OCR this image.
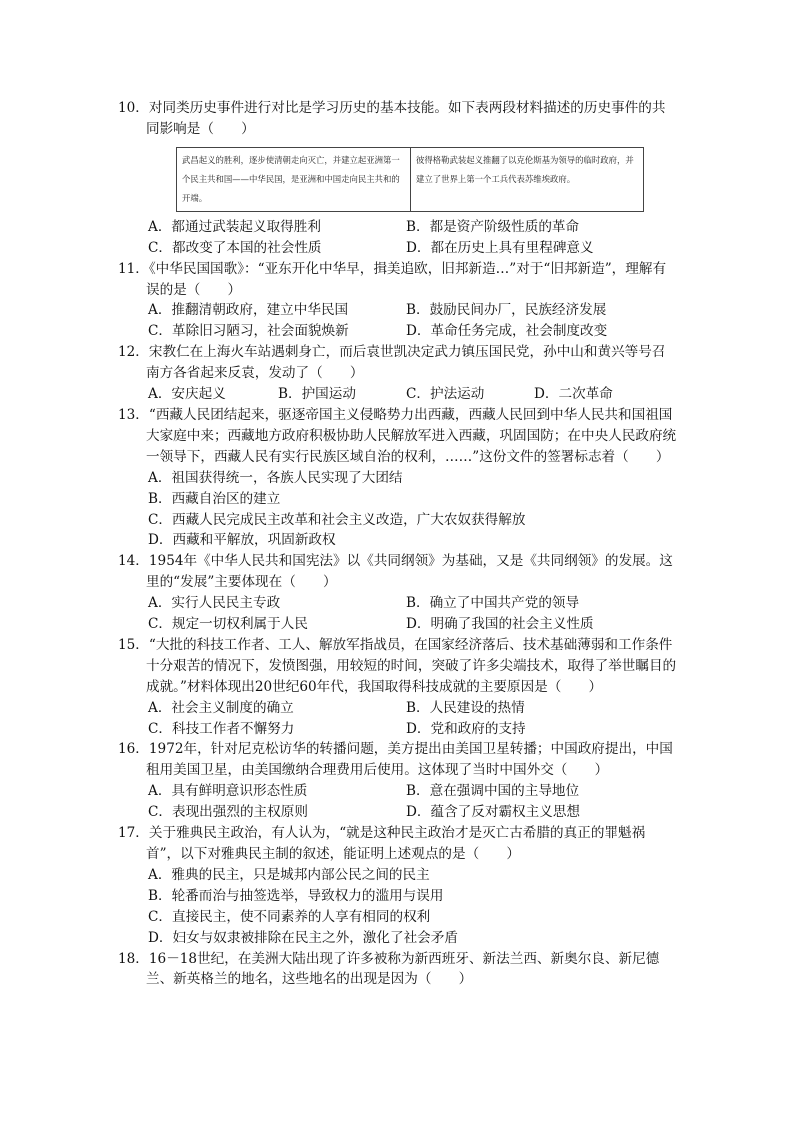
10．对同类历史事件进行对比是学习历史的基本技能。如下表两段材料描述的历史事件的共同影响是（　　）
武昌起义的胜利，逐步使清朝走向灭亡，并建立起亚洲第一个民主共和国——中华民国，是亚洲和中国走向民主共和的开端。
彼得格勒武装起义推翻了以克伦斯基为领导的临时政府，并建立了世界上第一个工兵代表苏维埃政府。
A．都通过武装起义取得胜利	B．都是资产阶级性质的革命
C．都改变了本国的社会性质	D．都在历史上具有里程碑意义
11．《中华民国国歌》：“亚东开化中华早，揖美追欧，旧邦新造…”对于“旧邦新造”，理解有误的是（　　）
A．推翻清朝政府，建立中华民国	B．鼓励民间办厂，民族经济发展
C．革除旧习陋习，社会面貌焕新	D．革命任务完成，社会制度改变
12．宋教仁在上海火车站遇刺身亡，而后袁世凯决定武力镇压国民党，孙中山和黄兴等号召南方各省起来反袁，发动了（　　）
A．安庆起义	B．护国运动	C．护法运动	D．二次革命
13．“西藏人民团结起来，驱逐帝国主义侵略势力出西藏，西藏人民回到中华人民共和国祖国大家庭中来；西藏地方政府积极协助人民解放军进入西藏，巩固国防；在中央人民政府统一领导下，西藏人民有实行民族区域自治的权利，……”这份文件的签署标志着（　　）
A．祖国获得统一，各族人民实现了大团结
B．西藏自治区的建立
C．西藏人民完成民主改革和社会主义改造，广大农奴获得解放
D．西藏和平解放，巩固新政权
14．1954年《中华人民共和国宪法》以《共同纲领》为基础，又是《共同纲领》的发展。这里的“发展”主要体现在（　　）
A．实行人民民主专政	B．确立了中国共产党的领导
C．规定一切权利属于人民	D．明确了我国的社会主义性质
15．“大批的科技工作者、工人、解放军指战员，在国家经济落后、技术基础薄弱和工作条件十分艰苦的情况下，发愤图强，用较短的时间，突破了许多尖端技术，取得了举世瞩目的成就。”材料体现出20世纪60年代，我国取得科技成就的主要原因是（　　）
A．社会主义制度的确立	B．人民建设的热情
C．科技工作者不懈努力	D．党和政府的支持
16．1972年，针对尼克松访华的转播问题，美方提出由美国卫星转播；中国政府提出，中国租用美国卫星，由美国缴纳合理费用后使用。这体现了当时中国外交（　　）
A．具有鲜明意识形态性质	B．意在强调中国的主导地位
C．表现出强烈的主权原则	D．蕴含了反对霸权主义思想
17．关于雅典民主政治，有人认为，“就是这种民主政治才是灭亡古希腊的真正的罪魁祸首”，以下对雅典民主制的叙述，能证明上述观点的是（　　）
A．雅典的民主，只是城邦内部公民之间的民主
B．轮番而治与抽签选举，导致权力的滥用与误用
C．直接民主，使不同素养的人享有相同的权利
D．妇女与奴隶被排除在民主之外，激化了社会矛盾
18．16－18世纪，在美洲大陆出现了许多被称为新西班牙、新法兰西、新奥尔良、新尼德兰、新英格兰的地名，这些地名的出现是因为（　　）
